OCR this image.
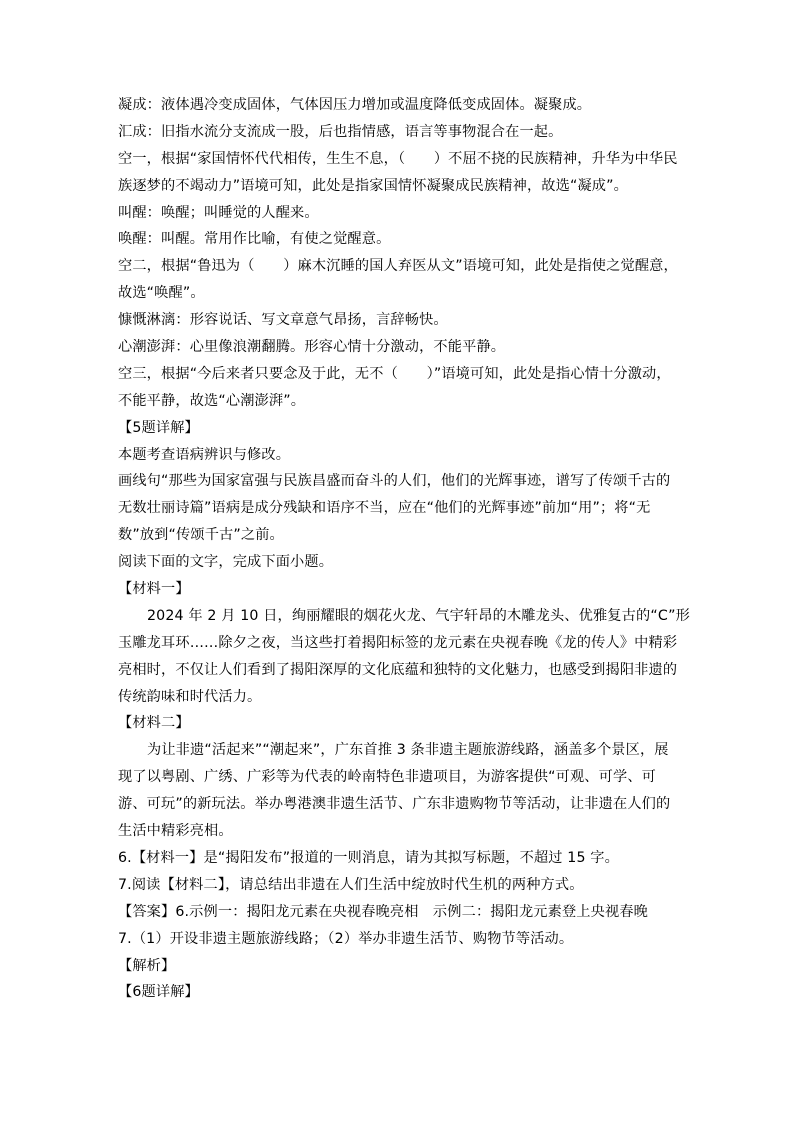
凝成：液体遇冷变成固体，气体因压力增加或温度降低变成固体。凝聚成。
汇成：旧指水流分支流成一股，后也指情感，语言等事物混合在一起。
空一，根据“家国情怀代代相传，生生不息，（　　）不屈不挠的民族精神，升华为中华民
族逐梦的不竭动力”语境可知，此处是指家国情怀凝聚成民族精神，故选“凝成”。
叫醒：唤醒；叫睡觉的人醒来。
唤醒：叫醒。常用作比喻，有使之觉醒意。
空二，根据“鲁迅为（　　）麻木沉睡的国人弃医从文”语境可知，此处是指使之觉醒意，
故选“唤醒”。
慷慨淋漓：形容说话、写文章意气昂扬，言辞畅快。
心潮澎湃：心里像浪潮翻腾。形容心情十分激动，不能平静。
空三，根据“今后来者只要念及于此，无不（　　）”语境可知，此处是指心情十分激动，
不能平静，故选“心潮澎湃”。
【5题详解】
本题考查语病辨识与修改。
画线句“那些为国家富强与民族昌盛而奋斗的人们，他们的光辉事迹，谱写了传颂千古的
无数壮丽诗篇”语病是成分残缺和语序不当，应在“他们的光辉事迹”前加“用”；将“无
数”放到“传颂千古”之前。
阅读下面的文字，完成下面小题。
【材料一】
2024 年 2 月 10 日，绚丽耀眼的烟花火龙、气宇轩昂的木雕龙头、优雅复古的“C”形
玉雕龙耳环……除夕之夜，当这些打着揭阳标签的龙元素在央视春晚《龙的传人》中精彩
亮相时，不仅让人们看到了揭阳深厚的文化底蕴和独特的文化魅力，也感受到揭阳非遗的
传统韵味和时代活力。
【材料二】
为让非遗“活起来”“潮起来”，广东首推 3 条非遗主题旅游线路，涵盖多个景区，展
现了以粤剧、广绣、广彩等为代表的岭南特色非遗项目，为游客提供“可观、可学、可
游、可玩”的新玩法。举办粤港澳非遗生活节、广东非遗购物节等活动，让非遗在人们的
生活中精彩亮相。
6.【材料一】是“揭阳发布”报道的一则消息，请为其拟写标题，不超过 15 字。
7.阅读【材料二】，请总结出非遗在人们生活中绽放时代生机的两种方式。
【答案】6.示例一：揭阳龙元素在央视春晚亮相　示例二：揭阳龙元素登上央视春晚
7.（1）开设非遗主题旅游线路；（2）举办非遗生活节、购物节等活动。
【解析】
【6题详解】
